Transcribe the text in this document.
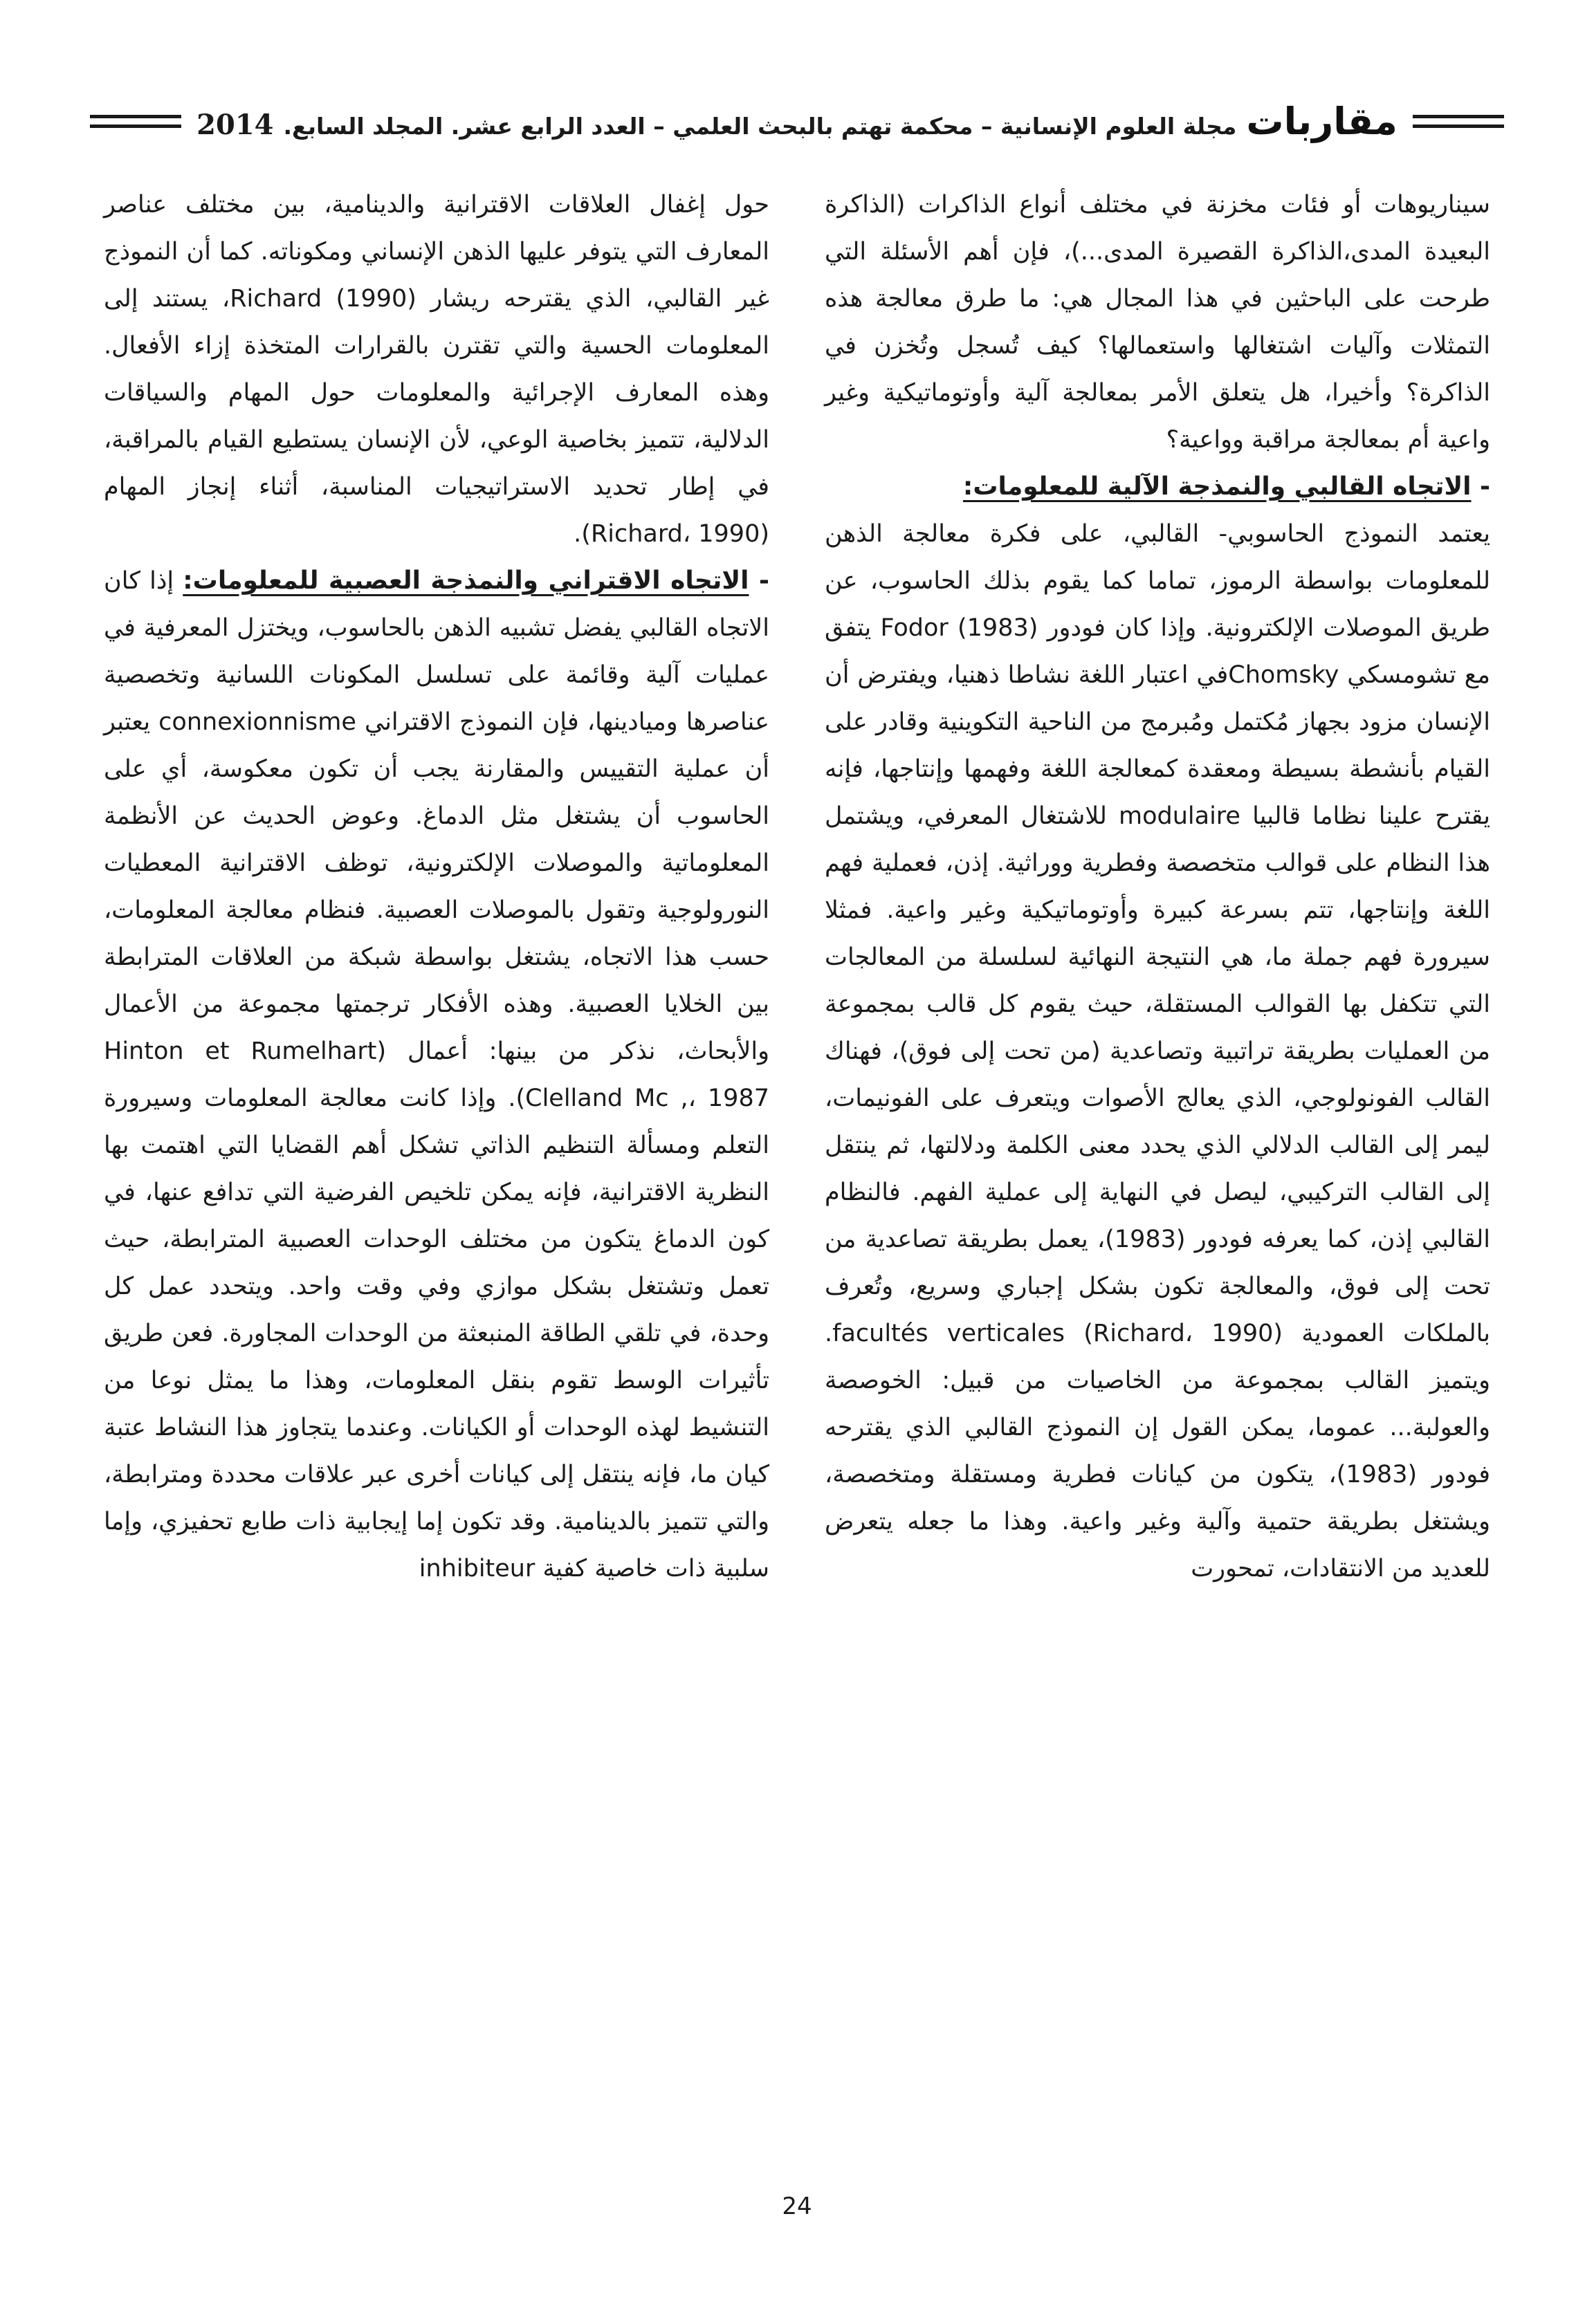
مقاربات
مجلة العلوم الإنسانية – محكمة تهتم بالبحث العلمي – العدد الرابع عشر. المجلد السابع.
2014

سيناريوهات أو فئات مخزنة في مختلف أنواع الذاكرات (الذاكرة البعيدة المدى،الذاكرة القصيرة المدى...)، فإن أهم الأسئلة التي طرحت على الباحثين في هذا المجال هي: ما طرق معالجة هذه التمثلات وآليات اشتغالها واستعمالها؟ كيف تُسجل وتُخزن في الذاكرة؟ وأخيرا، هل يتعلق الأمر بمعالجة آلية وأوتوماتيكية وغير واعية أم بمعالجة مراقبة وواعية؟

- الاتجاه القالبي والنمذجة الآلية للمعلومات:

يعتمد النموذج الحاسوبي- القالبي، على فكرة معالجة الذهن للمعلومات بواسطة الرموز، تماما كما يقوم بذلك الحاسوب، عن طريق الموصلات الإلكترونية. وإذا كان فودور Fodor (1983) يتفق مع تشومسكي Chomskyفي اعتبار اللغة نشاطا ذهنيا، ويفترض أن الإنسان مزود بجهاز مُكتمل ومُبرمج من الناحية التكوينية وقادر على القيام بأنشطة بسيطة ومعقدة كمعالجة اللغة وفهمها وإنتاجها، فإنه يقترح علينا نظاما قالبيا modulaire للاشتغال المعرفي، ويشتمل هذا النظام على قوالب متخصصة وفطرية ووراثية. إذن، فعملية فهم اللغة وإنتاجها، تتم بسرعة كبيرة وأوتوماتيكية وغير واعية. فمثلا سيرورة فهم جملة ما، هي النتيجة النهائية لسلسلة من المعالجات التي تتكفل بها القوالب المستقلة، حيث يقوم كل قالب بمجموعة من العمليات بطريقة تراتبية وتصاعدية (من تحت إلى فوق)، فهناك القالب الفونولوجي، الذي يعالج الأصوات ويتعرف على الفونيمات، ليمر إلى القالب الدلالي الذي يحدد معنى الكلمة ودلالتها، ثم ينتقل إلى القالب التركيبي، ليصل في النهاية إلى عملية الفهم. فالنظام القالبي إذن، كما يعرفه فودور (1983)، يعمل بطريقة تصاعدية من تحت إلى فوق، والمعالجة تكون بشكل إجباري وسريع، وتُعرف بالملكات العمودية facultés verticales (Richard، 1990). ويتميز القالب بمجموعة من الخاصيات من قبيل: الخوصصة والعولبة... عموما، يمكن القول إن النموذج القالبي الذي يقترحه فودور (1983)، يتكون من كيانات فطرية ومستقلة ومتخصصة، ويشتغل بطريقة حتمية وآلية وغير واعية. وهذا ما جعله يتعرض للعديد من الانتقادات، تمحورت

حول إغفال العلاقات الاقترانية والدينامية، بين مختلف عناصر المعارف التي يتوفر عليها الذهن الإنساني ومكوناته. كما أن النموذج غير القالبي، الذي يقترحه ريشار Richard (1990)، يستند إلى المعلومات الحسية والتي تقترن بالقرارات المتخذة إزاء الأفعال. وهذه المعارف الإجرائية والمعلومات حول المهام والسياقات الدلالية، تتميز بخاصية الوعي، لأن الإنسان يستطيع القيام بالمراقبة، في إطار تحديد الاستراتيجيات المناسبة، أثناء إنجاز المهام (Richard، 1990).

- الاتجاه الاقتراني والنمذجة العصبية للمعلومات: إذا كان الاتجاه القالبي يفضل تشبيه الذهن بالحاسوب، ويختزل المعرفية في عمليات آلية وقائمة على تسلسل المكونات اللسانية وتخصصية عناصرها وميادينها، فإن النموذج الاقتراني connexionnisme يعتبر أن عملية التقييس والمقارنة يجب أن تكون معكوسة، أي على الحاسوب أن يشتغل مثل الدماغ. وعوض الحديث عن الأنظمة المعلوماتية والموصلات الإلكترونية، توظف الاقترانية المعطيات النورولوجية وتقول بالموصلات العصبية. فنظام معالجة المعلومات، حسب هذا الاتجاه، يشتغل بواسطة شبكة من العلاقات المترابطة بين الخلايا العصبية. وهذه الأفكار ترجمتها مجموعة من الأعمال والأبحاث، نذكر من بينها: أعمال (Hinton et Rumelhart Clelland Mc ,، 1987). وإذا كانت معالجة المعلومات وسيرورة التعلم ومسألة التنظيم الذاتي تشكل أهم القضايا التي اهتمت بها النظرية الاقترانية، فإنه يمكن تلخيص الفرضية التي تدافع عنها، في كون الدماغ يتكون من مختلف الوحدات العصبية المترابطة، حيث تعمل وتشتغل بشكل موازي وفي وقت واحد. ويتحدد عمل كل وحدة، في تلقي الطاقة المنبعثة من الوحدات المجاورة. فعن طريق تأثيرات الوسط تقوم بنقل المعلومات، وهذا ما يمثل نوعا من التنشيط لهذه الوحدات أو الكيانات. وعندما يتجاوز هذا النشاط عتبة كيان ما، فإنه ينتقل إلى كيانات أخرى عبر علاقات محددة ومترابطة، والتي تتميز بالدينامية. وقد تكون إما إيجابية ذات طابع تحفيزي، وإما سلبية ذات خاصية كفية inhibiteur

24
